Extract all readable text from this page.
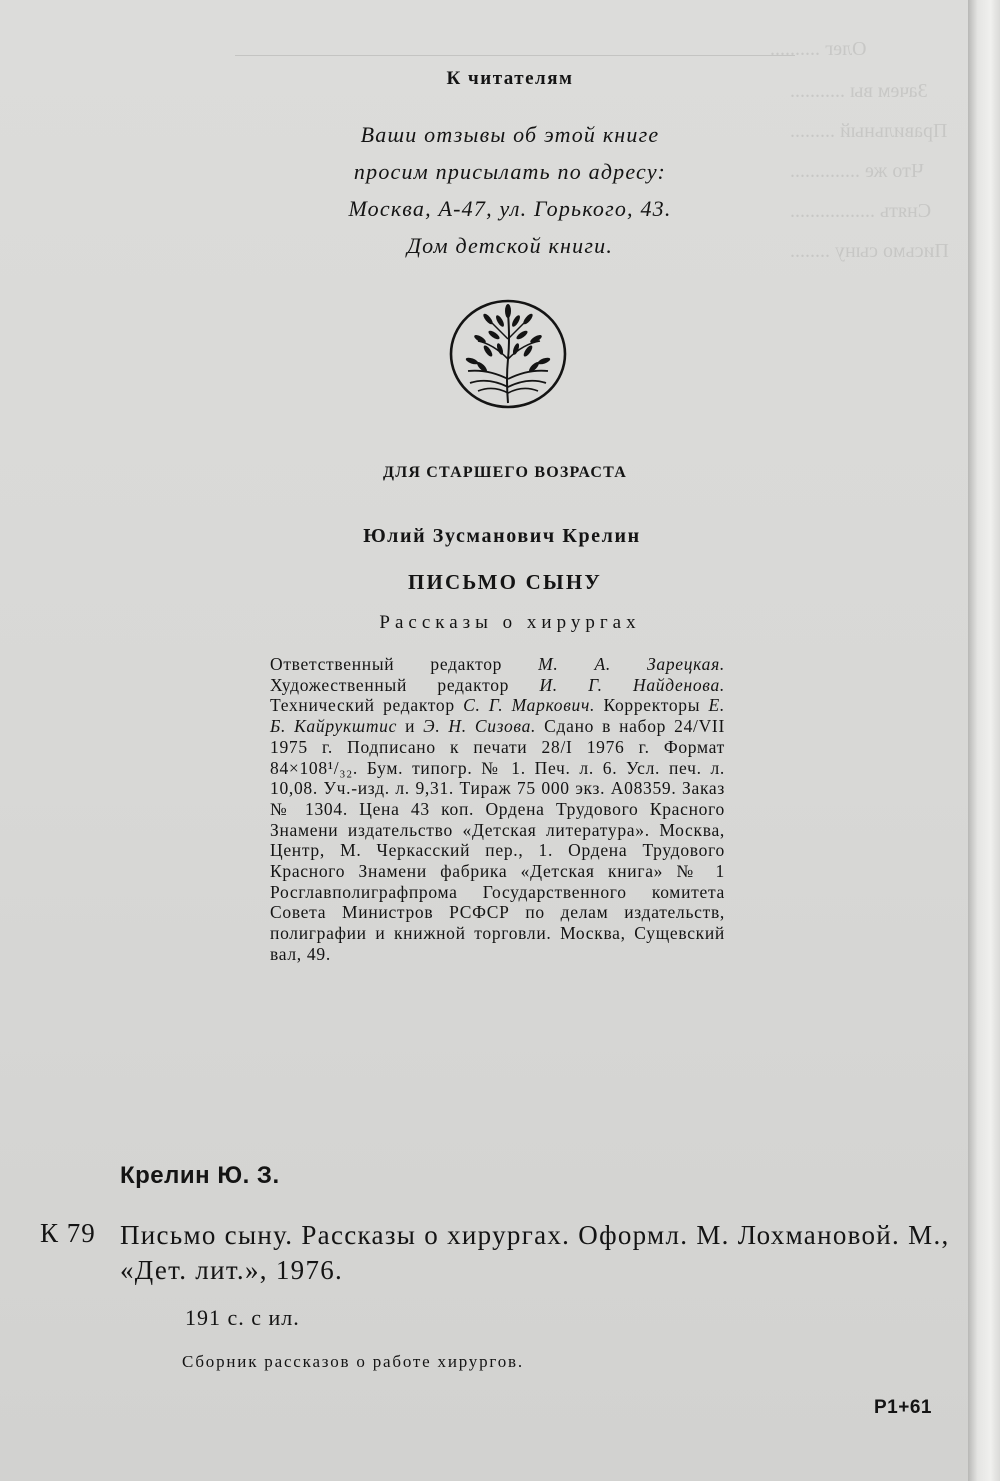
Олег ..........
Зачем вы ...........
Правильный .........
Что же ..............
Снять .................
Письмо сыну ........
К читателям
Ваши отзывы об этой книге
просим присылать по адресу:
Москва, А-47, ул. Горького, 43.
Дом детской книги.
ДЛЯ СТАРШЕГО ВОЗРАСТА
Юлий Зусманович Крелин
ПИСЬМО СЫНУ
Рассказы о хирургах
Ответственный редактор М. А. Зарецкая. Художественный редактор И. Г. Найденова. Технический редактор С. Г. Маркович. Корректоры Е. Б. Кайрукштис и Э. Н. Сизова. Сдано в набор 24/VII 1975 г. Подписано к печати 28/I 1976 г. Формат 84×108¹/₃₂. Бум. типогр. № 1. Печ. л. 6. Усл. печ. л. 10,08. Уч.-изд. л. 9,31. Тираж 75 000 экз. А08359. Заказ № 1304. Цена 43 коп. Ордена Трудового Красного Знамени издательство «Детская литература». Москва, Центр, М. Черкасский пер., 1. Ордена Трудового Красного Знамени фабрика «Детская книга» № 1 Росглавполиграфпрома Государственного комитета Совета Министров РСФСР по делам издательств, полиграфии и книжной торговли. Москва, Сущевский вал, 49.
Крелин Ю. З.
К 79 Письмо сыну. Рассказы о хирургах. Оформл. М. Лохмановой. М., «Дет. лит.», 1976.
191 с. с ил.
Сборник рассказов о работе хирургов.
Р1+61
